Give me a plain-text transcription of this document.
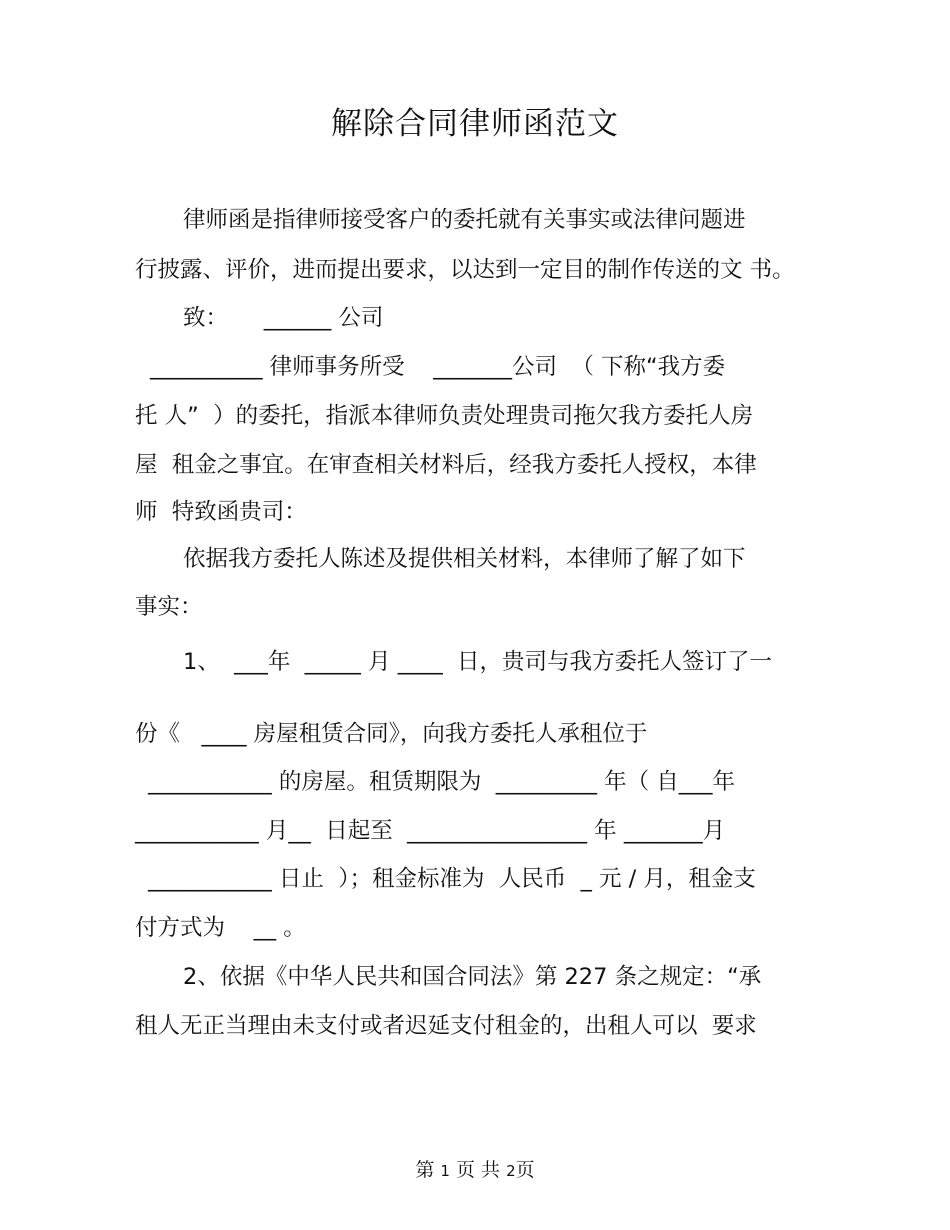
解除合同律师函范文
律师函是指律师接受客户的委托就有关事实或法律问题进
行披露、评价，进而提出要求，以达到一定目的制作传送的文 书。
致：     ______ 公司
__________ 律师事务所受    _______公司  （ 下称“我方委
托 人”  ）的委托，指派本律师负责处理贵司拖欠我方委托人房
屋  租金之事宜。在审查相关材料后，经我方委托人授权，本律
师  特致函贵司：
依据我方委托人陈述及提供相关材料，本律师了解了如下
事实：
1、  ___年  _____ 月 ____  日，贵司与我方委托人签订了一
份《   ____ 房屋租赁合同》，向我方委托人承租位于
___________ 的房屋。租赁期限为  _________ 年（ 自___年
___________ 月__  日起至  ________________ 年 _______月
___________ 日止  ）；租金标准为  人民币  _ 元 / 月，租金支
付方式为    __ 。
2、依据《中华人民共和国合同法》第 227 条之规定：“承
租人无正当理由未支付或者迟延支付租金的，出租人可以  要求
第 1 页 共 2页
